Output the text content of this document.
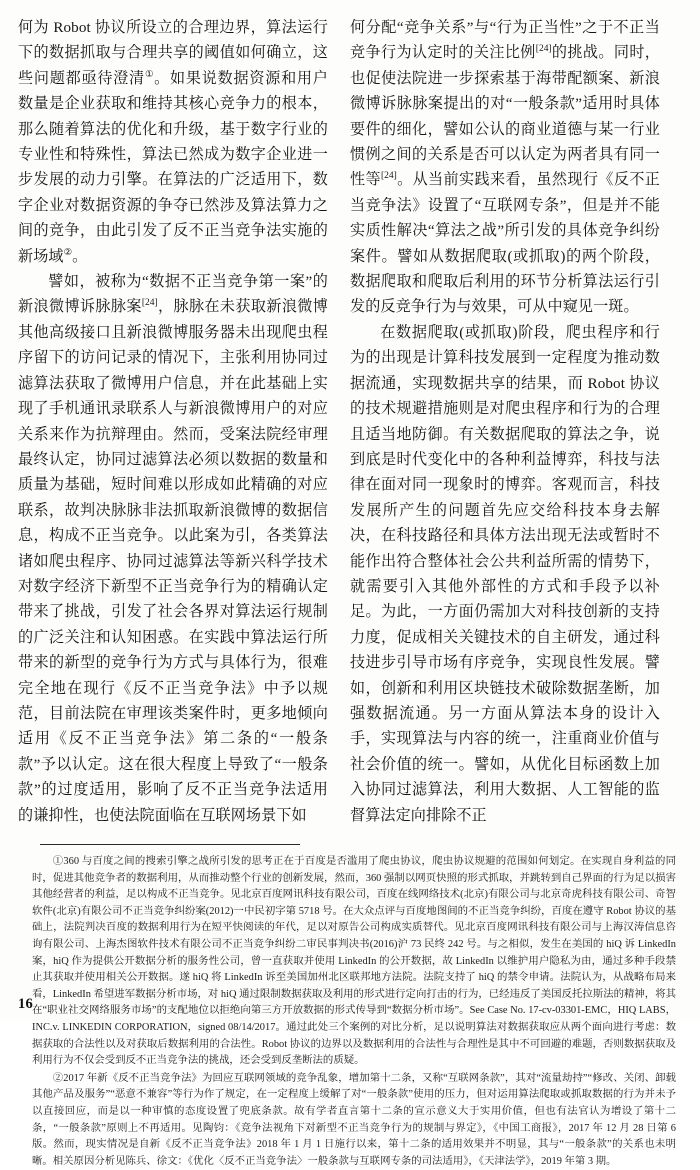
何为 Robot 协议所设立的合理边界，算法运行下的数据抓取与合理共享的阈值如何确立，这些问题都亟待澄清①。如果说数据资源和用户数量是企业获取和维持其核心竞争力的根本，那么随着算法的优化和升级，基于数字行业的专业性和特殊性，算法已然成为数字企业进一步发展的动力引擎。在算法的广泛适用下，数字企业对数据资源的争夺已然涉及算法算力之间的竞争，由此引发了反不正当竞争法实施的新场域②。

譬如，被称为“数据不正当竞争第一案”的新浪微博诉脉脉案[24]，脉脉在未获取新浪微博其他高级接口且新浪微博服务器未出现爬虫程序留下的访问记录的情况下，主张利用协同过滤算法获取了微博用户信息，并在此基础上实现了手机通讯录联系人与新浪微博用户的对应关系来作为抗辩理由。然而，受案法院经审理最终认定，协同过滤算法必须以数据的数量和质量为基础，短时间难以形成如此精确的对应联系，故判决脉脉非法抓取新浪微博的数据信息，构成不正当竞争。以此案为引，各类算法诸如爬虫程序、协同过滤算法等新兴科学技术对数字经济下新型不正当竞争行为的精确认定带来了挑战，引发了社会各界对算法运行规制的广泛关注和认知困惑。在实践中算法运行所带来的新型的竞争行为方式与具体行为，很难完全地在现行《反不正当竞争法》中予以规范，目前法院在审理该类案件时，更多地倾向适用《反不正当竞争法》第二条的“一般条款”予以认定。这在很大程度上导致了“一般条款”的过度适用，影响了反不正当竞争法适用的谦抑性，也使法院面临在互联网场景下如

何分配“竞争关系”与“行为正当性”之于不正当竞争行为认定时的关注比例[24]的挑战。同时，也促使法院进一步探索基于海带配额案、新浪微博诉脉脉案提出的对“一般条款”适用时具体要件的细化，譬如公认的商业道德与某一行业惯例之间的关系是否可以认定为两者具有同一性等[24]。从当前实践来看，虽然现行《反不正当竞争法》设置了“互联网专条”，但是并不能实质性解决“算法之战”所引发的具体竞争纠纷案件。譬如从数据爬取(或抓取)的两个阶段，数据爬取和爬取后利用的环节分析算法运行引发的反竞争行为与效果，可从中窥见一斑。

在数据爬取(或抓取)阶段，爬虫程序和行为的出现是计算科技发展到一定程度为推动数据流通，实现数据共享的结果，而 Robot 协议的技术规避措施则是对爬虫程序和行为的合理且适当地防御。有关数据爬取的算法之争，说到底是时代变化中的各种利益博弈，科技与法律在面对同一现象时的博弈。客观而言，科技发展所产生的问题首先应交给科技本身去解决，在科技路径和具体方法出现无法或暂时不能作出符合整体社会公共利益所需的情势下，就需要引入其他外部性的方式和手段予以补足。为此，一方面仍需加大对科技创新的支持力度，促成相关关键技术的自主研发，通过科技进步引导市场有序竞争，实现良性发展。譬如，创新和利用区块链技术破除数据垄断，加强数据流通。另一方面从算法本身的设计入手，实现算法与内容的统一，注重商业价值与社会价值的统一。譬如，从优化目标函数上加入协同过滤算法，利用大数据、人工智能的监督算法定向排除不正

①360 与百度之间的搜索引擎之战所引发的思考正在于百度是否滥用了爬虫协议，爬虫协议规避的范围如何划定。在实现自身利益的同时，促进其他竞争者的数据利用，从而推动整个行业的创新发展，然而，360 强制以网页快照的形式抓取，并跳转到自己界面的行为足以损害其他经营者的利益，足以构成不正当竞争。见北京百度网讯科技有限公司，百度在线网络技术(北京)有限公司与北京奇虎科技有限公司、奇智软件(北京)有限公司不正当竞争纠纷案(2012)一中民初字第 5718 号。在大众点评与百度地图间的不正当竞争纠纷，百度在遵守 Robot 协议的基础上，法院判决百度的数据利用行为在短平快阅读的年代，足以对原告公司构成实质替代。见北京百度网讯科技有限公司与上海汉涛信息咨询有限公司、上海杰图软件技术有限公司不正当竞争纠纷二审民事判决书(2016)沪 73 民终 242 号。与之相似，发生在美国的 hiQ 诉 LinkedIn 案，hiQ 作为提供公开数据分析的服务性公司，曾一直获取并使用 LinkedIn 的公开数据，故 LinkedIn 以维护用户隐私为由，通过多种手段禁止其获取并使用相关公开数据。遂 hiQ 将 LinkedIn 诉至美国加州北区联邦地方法院。法院支持了 hiQ 的禁令申请。法院认为，从战略布局来看，LinkedIn 希望进军数据分析市场，对 hiQ 通过限制数据获取及利用的形式进行定向打击的行为，已经违反了美国反托拉斯法的精神，将其在“职业社交网络服务市场”的支配地位以拒绝向第三方开放数据的形式传导到“数据分析市场”。See Case No. 17-cv-03301-EMC，HIQ LABS，INC.v. LINKEDIN CORPORATION，signed 08/14/2017。通过此处三个案例的对比分析，足以说明算法对数据获取应从两个面向进行考虑：数据获取的合法性以及对获取后数据利用的合法性。Robot 协议的边界以及数据利用的合法性与合理性是其中不可回避的难题，否则数据获取及利用行为不仅会受到反不正当竞争法的挑战，还会受到反垄断法的质疑。

②2017 年新《反不正当竞争法》为回应互联网领域的竞争乱象，增加第十二条，又称“互联网条款”，其对“流量劫持”“修改、关闭、卸载其他产品及服务”“恶意不兼容”等行为作了规定，在一定程度上缓解了对“一般条款”使用的压力，但对运用算法爬取或抓取数据的行为并未予以直接回应，而是以一种审慎的态度设置了兜底条款。故有学者直言第十二条的宣示意义大于实用价值，但也有法官认为增设了第十二条，“一般条款”原则上不再适用。见陶钧：《竞争法视角下对新型不正当竞争行为的规制与界定》，《中国工商报》，2017 年 12 月 28 日第 6 版。然而，现实情况是自新《反不正当竞争法》2018 年 1 月 1 日施行以来，第十二条的适用效果并不明显，其与“一般条款”的关系也未明晰。相关原因分析见陈兵、徐文：《优化〈反不正当竞争法〉一般条款与互联网专条的司法适用》，《天津法学》，2019 年第 3 期。

16
